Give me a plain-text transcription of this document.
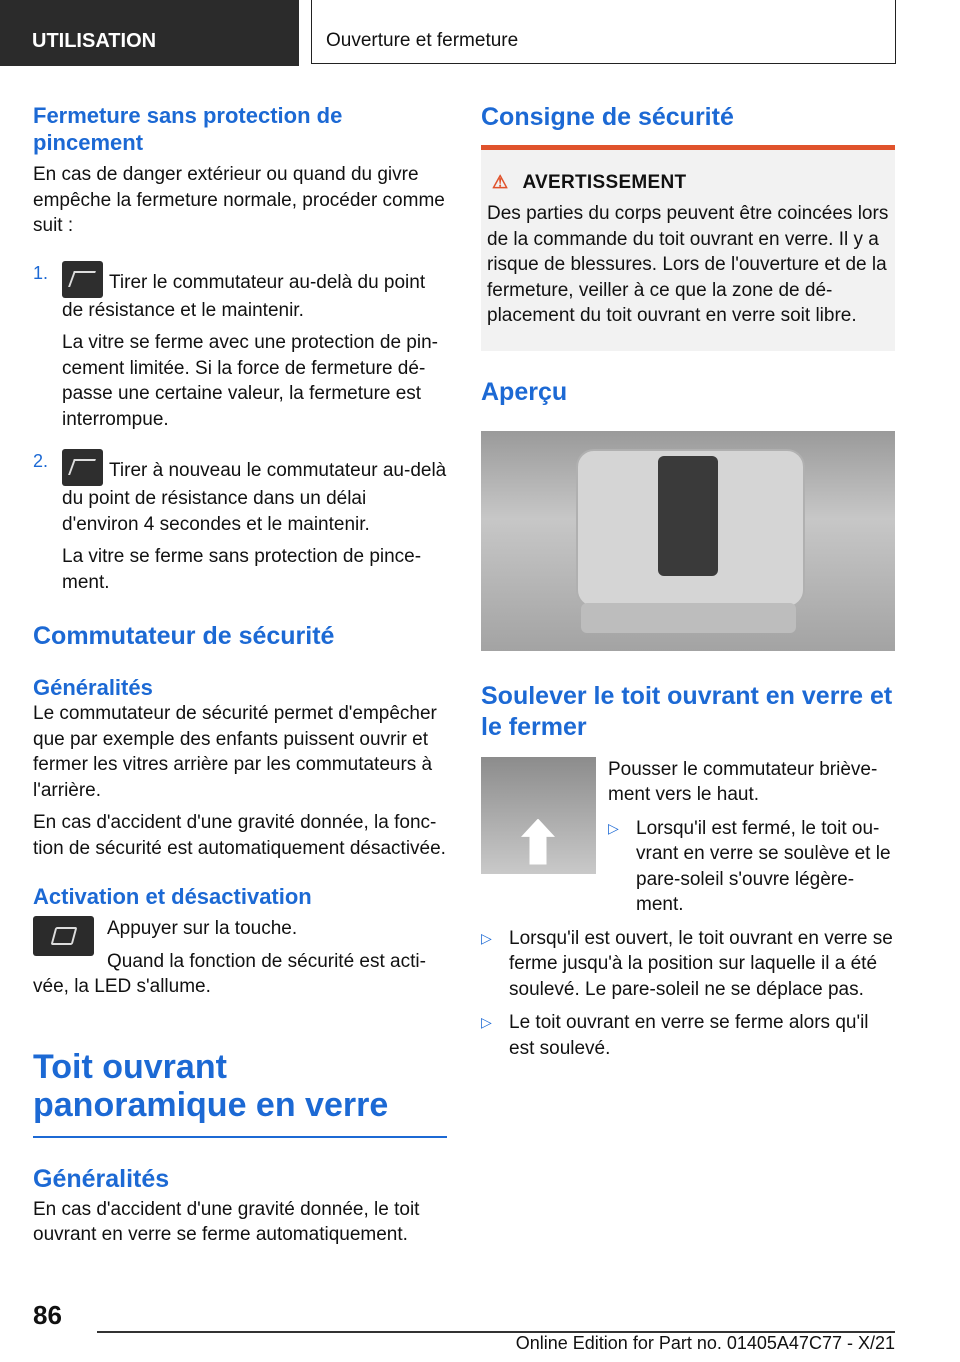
UTILISATION	Ouverture et fermeture
Fermeture sans protection de pincement

En cas de danger extérieur ou quand du givre empêche la fermeture normale, procéder comme suit :

1.	Tirer le commutateur au-delà du point de résistance et le maintenir.

La vitre se ferme avec une protection de pincement limitée. Si la force de fermeture dépasse une certaine valeur, la fermeture est interrompue.

2.	Tirer à nouveau le commutateur au-delà du point de résistance dans un délai d'environ 4 secondes et le maintenir.

La vitre se ferme sans protection de pincement.

Commutateur de sécurité
Généralités

Le commutateur de sécurité permet d'empêcher que par exemple des enfants puissent ouvrir et fermer les vitres arrière par les commutateurs à l'arrière.

En cas d'accident d'une gravité donnée, la fonction de sécurité est automatiquement désactivée.

Activation et désactivation

Appuyer sur la touche.

Quand la fonction de sécurité est activée, la LED s'allume.

Toit ouvrant panoramique en verre
Généralités

En cas d'accident d'une gravité donnée, le toit ouvrant en verre se ferme automatiquement.

Consigne de sécurité
⚠ AVERTISSEMENT

Des parties du corps peuvent être coincées lors de la commande du toit ouvrant en verre. Il y a risque de blessures. Lors de l'ouverture et de la fermeture, veiller à ce que la zone de déplacement du toit ouvrant en verre soit libre.

Aperçu
Soulever le toit ouvrant en verre et le fermer

Pousser le commutateur brièvement vers le haut.

▷ Lorsqu'il est fermé, le toit ouvrant en verre se soulève et le pare-soleil s'ouvre légèrement.

▷ Lorsqu'il est ouvert, le toit ouvrant en verre se ferme jusqu'à la position sur laquelle il a été soulevé. Le pare-soleil ne se déplace pas.

▷ Le toit ouvrant en verre se ferme alors qu'il est soulevé.

86
Online Edition for Part no. 01405A47C77 - X/21
